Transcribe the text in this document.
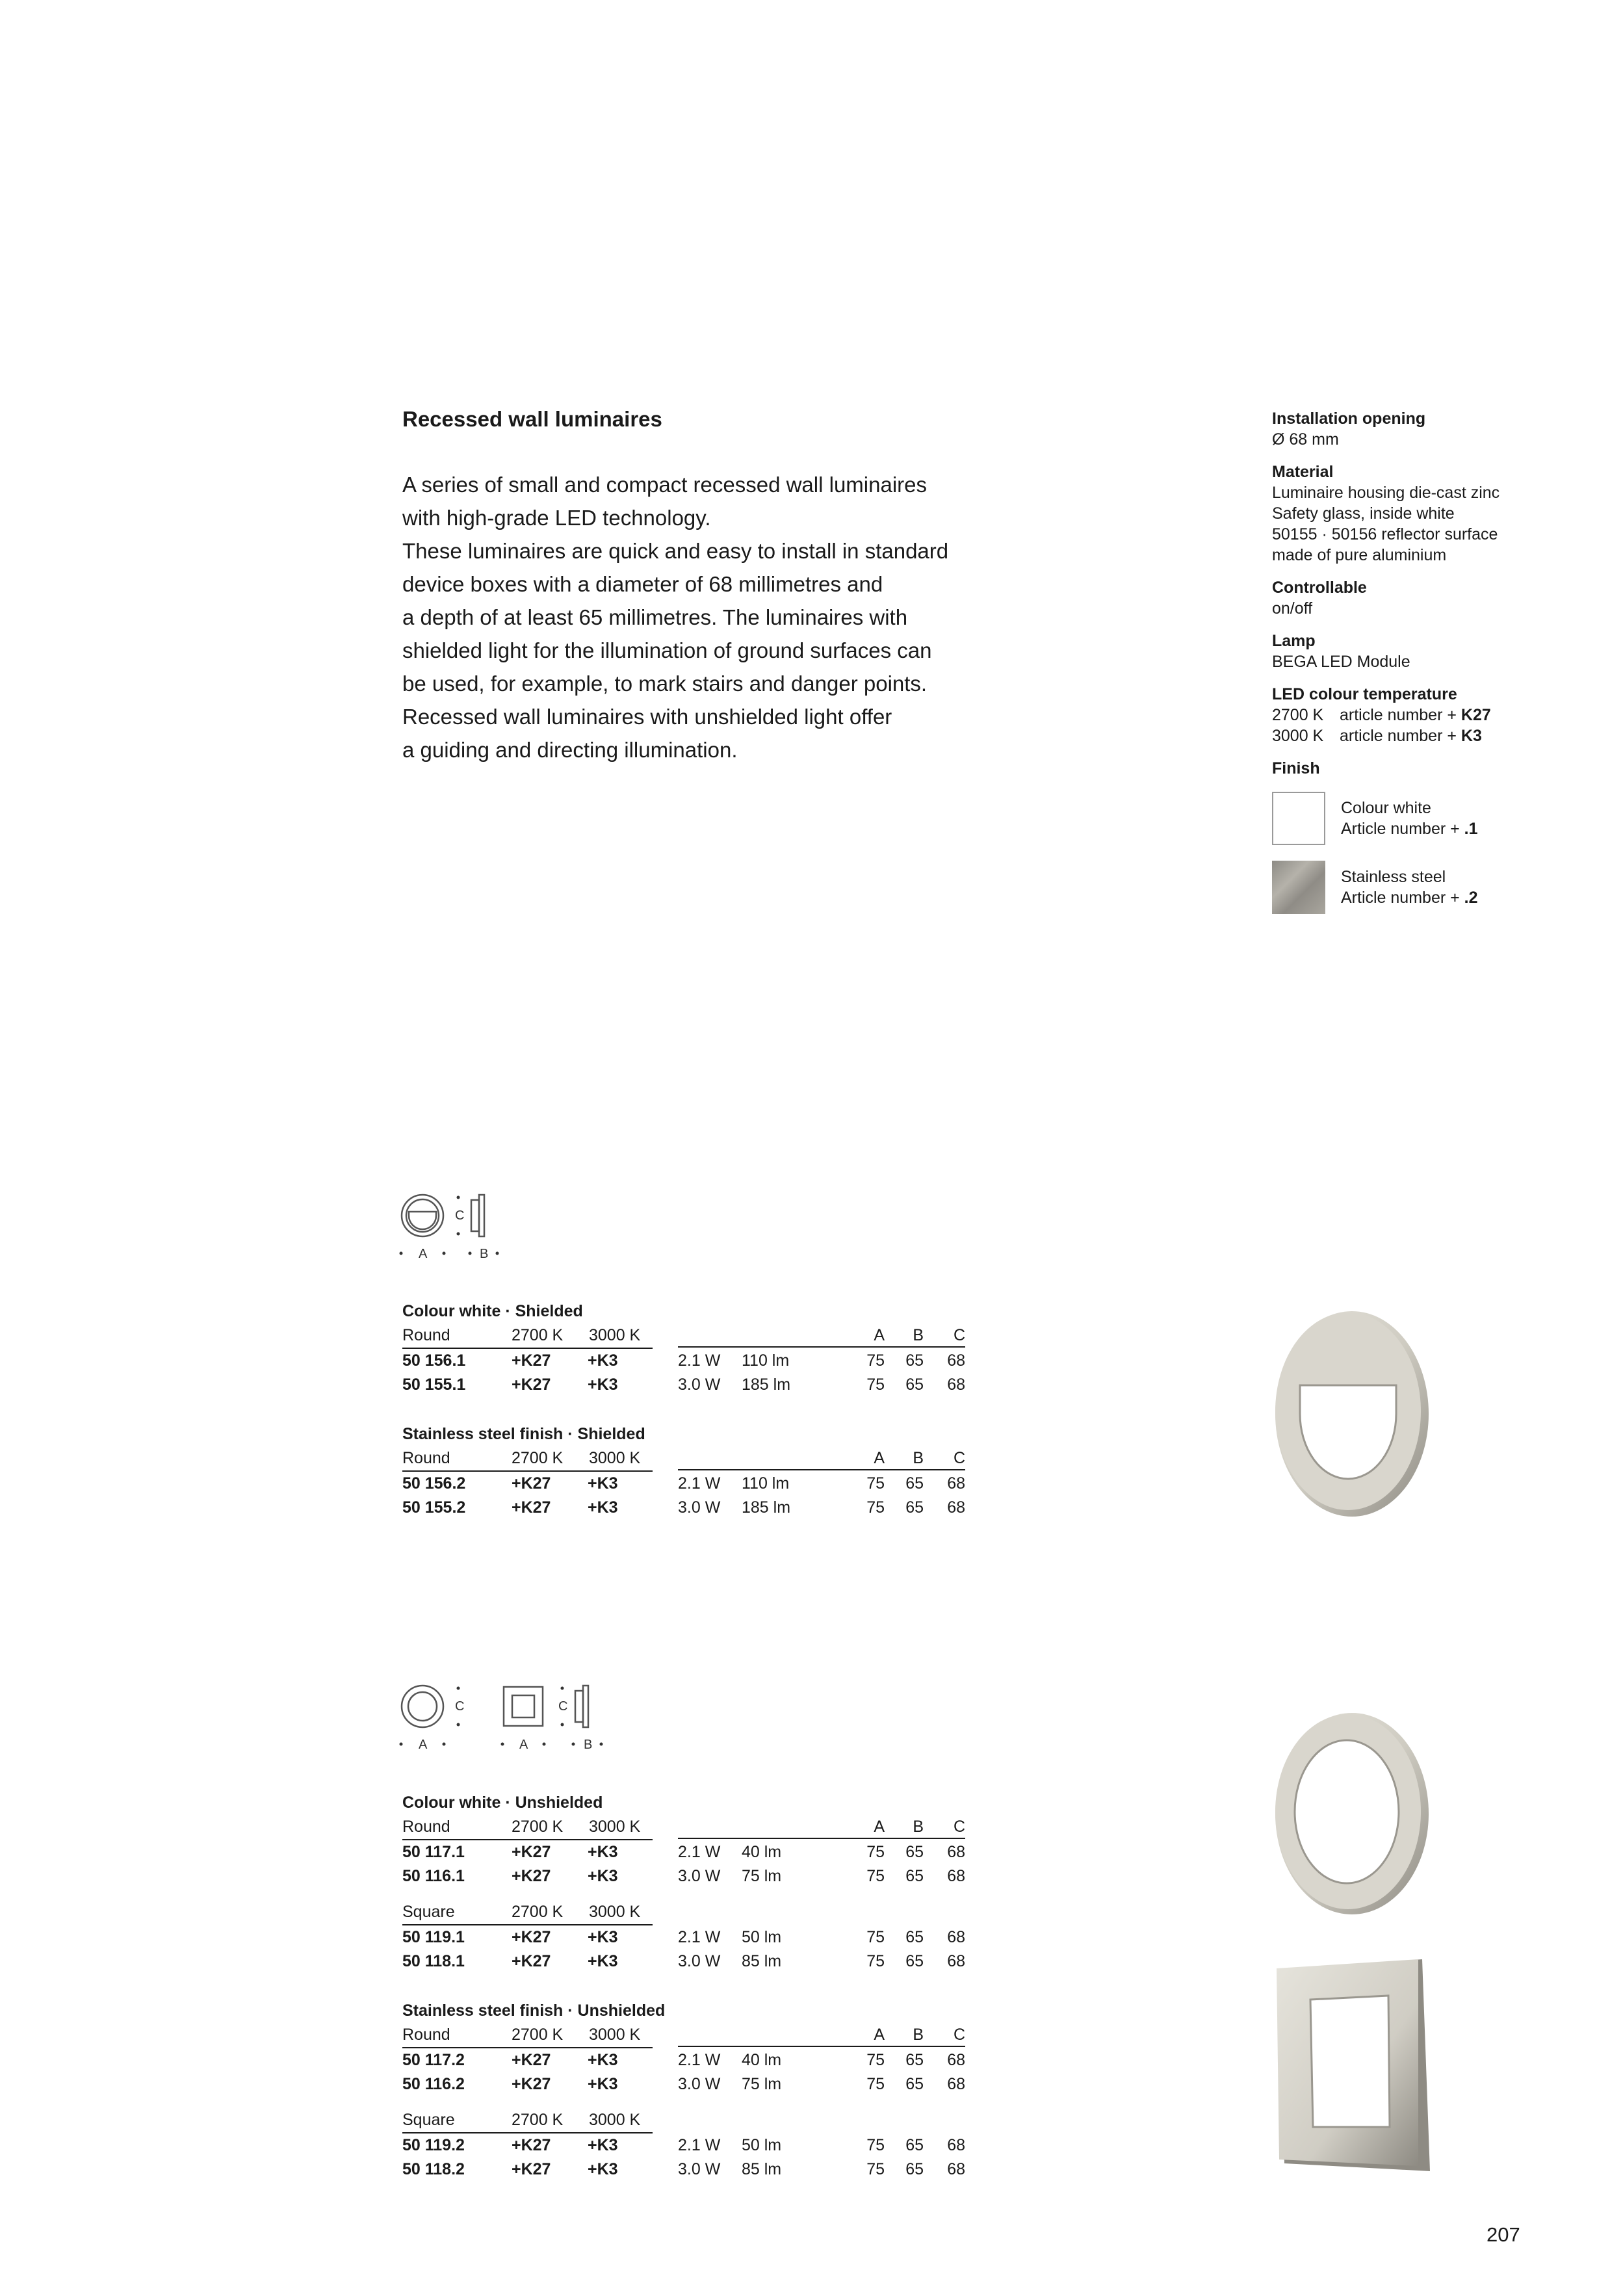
Recessed wall luminaires

A series of small and compact recessed wall luminaires

with high-grade LED technology.

These luminaires are quick and easy to install in standard

device boxes with a diameter of 68 millimetres and

a depth of at least 65 millimetres. The luminaires with

shielded light for the illumination of ground surfaces can

be used, for example, to mark stairs and danger points.

Recessed wall luminaires with unshielded light offer

a guiding and directing illumination.

Installation opening
Ø 68 mm
Material
Luminaire housing die-cast zinc
Safety glass, inside white
50155 · 50156 reflector surface
made of pure aluminium
Controllable
on/off
Lamp
BEGA LED Module
LED colour temperature
2700 K article number + K27
3000 K article number + K3
Finish
Colour white
Article number + .1
Stainless steel
Article number + .2
C
A	B
C	C
A	A	B
Colour white · Shielded
Round	2700 K	3000 K	A B C
50 156.1	+K27 +K3	2.1 W 110 lm	75 65 68
50 155.1	+K27 +K3	3.0 W 185 lm	75 65 68
Stainless steel finish · Shielded
Round	2700 K	3000 K	A B C
50 156.2	+K27 +K3	2.1 W 110 lm	75 65 68
50 155.2	+K27 +K3	3.0 W 185 lm	75 65 68
Colour white · Unshielded
Round	2700 K	3000 K	A B C
50 117.1	+K27 +K3	2.1 W 40 lm	75 65 68
50 116.1	+K27 +K3	3.0 W 75 lm	75 65 68
Square	2700 K	3000 K
50 119.1	+K27 +K3	2.1 W 50 lm	75 65 68
50 118.1	+K27 +K3	3.0 W 85 lm	75 65 68
Stainless steel finish · Unshielded
Round	2700 K	3000 K	A B C
50 117.2	+K27 +K3	2.1 W 40 lm	75 65 68
50 116.2	+K27 +K3	3.0 W 75 lm	75 65 68
Square	2700 K	3000 K
50 119.2	+K27 +K3	2.1 W 50 lm	75 65 68
50 118.2	+K27 +K3	3.0 W 85 lm	75 65 68
207
